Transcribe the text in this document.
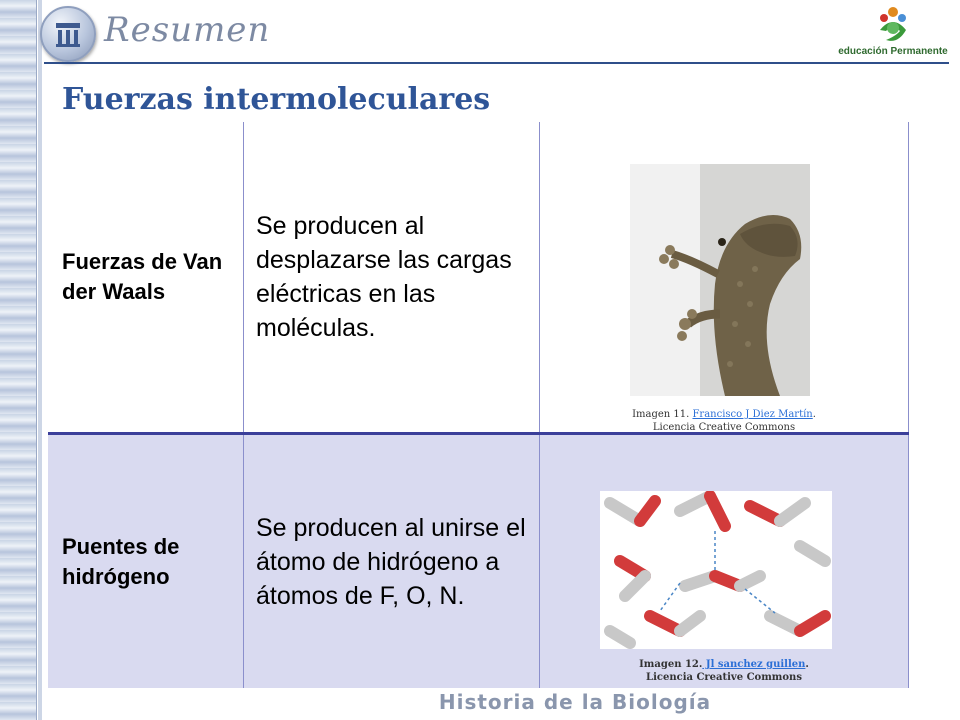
Resumen
educación Permanente
Fuerzas intermoleculares
Fuerzas de Van der Waals	Se producen al desplazarse las cargas eléctricas en las moléculas.	Imagen 11. Francisco J Diez Martín.
Licencia Creative Commons

Puentes de hidrógeno	Se producen al unirse el átomo de hidrógeno a átomos de F, O, N.	Imagen 12. Jl sanchez guillen.
Licencia Creative Commons
Historia de la Biología
